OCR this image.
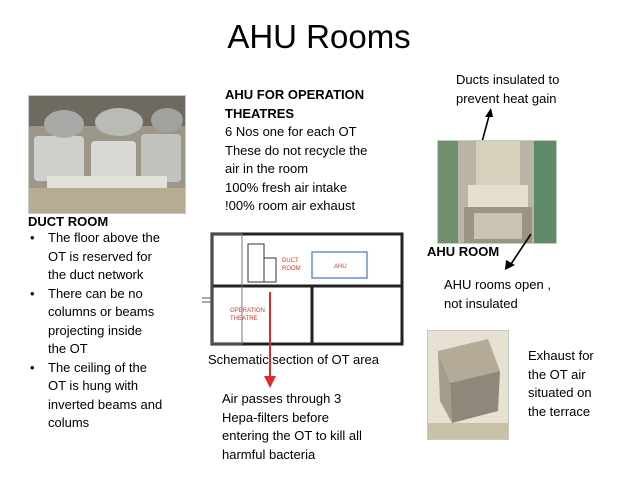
AHU Rooms
DUCT ROOM
• The floor above the
OT is reserved for
the duct network
• There can be no
columns or beams
projecting inside
the OT
• The ceiling of the
OT is hung with
inverted beams and
colums
AHU FOR OPERATION
THEATRES
6 Nos one for each OT
These do not recycle the
air in the room
100% fresh air intake
!00% room air exhaust
DUCT
ROOM	AHU
OPERATION
THEATRE
Schematic section of OT area
Air passes through 3
Hepa-filters before
entering the OT to kill all
harmful bacteria
Ducts insulated to
prevent heat gain
AHU ROOM
AHU rooms open ,
not insulated
Exhaust for
the OT air
situated on
the terrace
